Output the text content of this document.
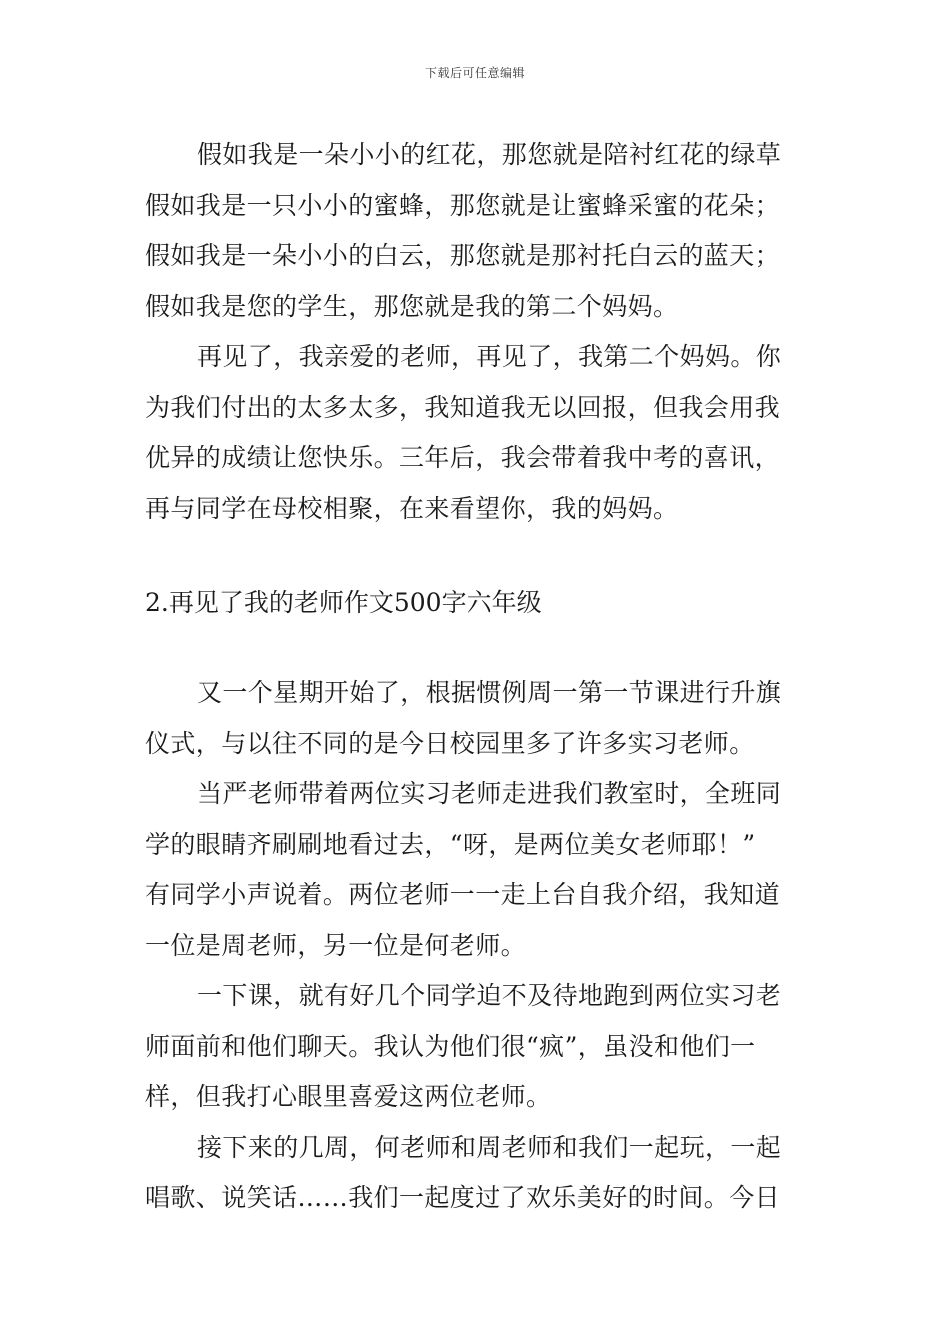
下载后可任意编辑
假如我是一朵小小的红花，那您就是陪衬红花的绿草
假如我是一只小小的蜜蜂，那您就是让蜜蜂采蜜的花朵；
假如我是一朵小小的白云，那您就是那衬托白云的蓝天；
假如我是您的学生，那您就是我的第二个妈妈。
再见了，我亲爱的老师，再见了，我第二个妈妈。你
为我们付出的太多太多，我知道我无以回报，但我会用我
优异的成绩让您快乐。三年后，我会带着我中考的喜讯，
再与同学在母校相聚，在来看望你，我的妈妈。
2.再见了我的老师作文500字六年级
又一个星期开始了，根据惯例周一第一节课进行升旗
仪式，与以往不同的是今日校园里多了许多实习老师。
当严老师带着两位实习老师走进我们教室时，全班同
学的眼睛齐刷刷地看过去，“呀，是两位美女老师耶！”
有同学小声说着。两位老师一一走上台自我介绍，我知道
一位是周老师，另一位是何老师。
一下课，就有好几个同学迫不及待地跑到两位实习老
师面前和他们聊天。我认为他们很“疯”，虽没和他们一
样，但我打心眼里喜爱这两位老师。
接下来的几周，何老师和周老师和我们一起玩，一起
唱歌、说笑话……我们一起度过了欢乐美好的时间。今日
